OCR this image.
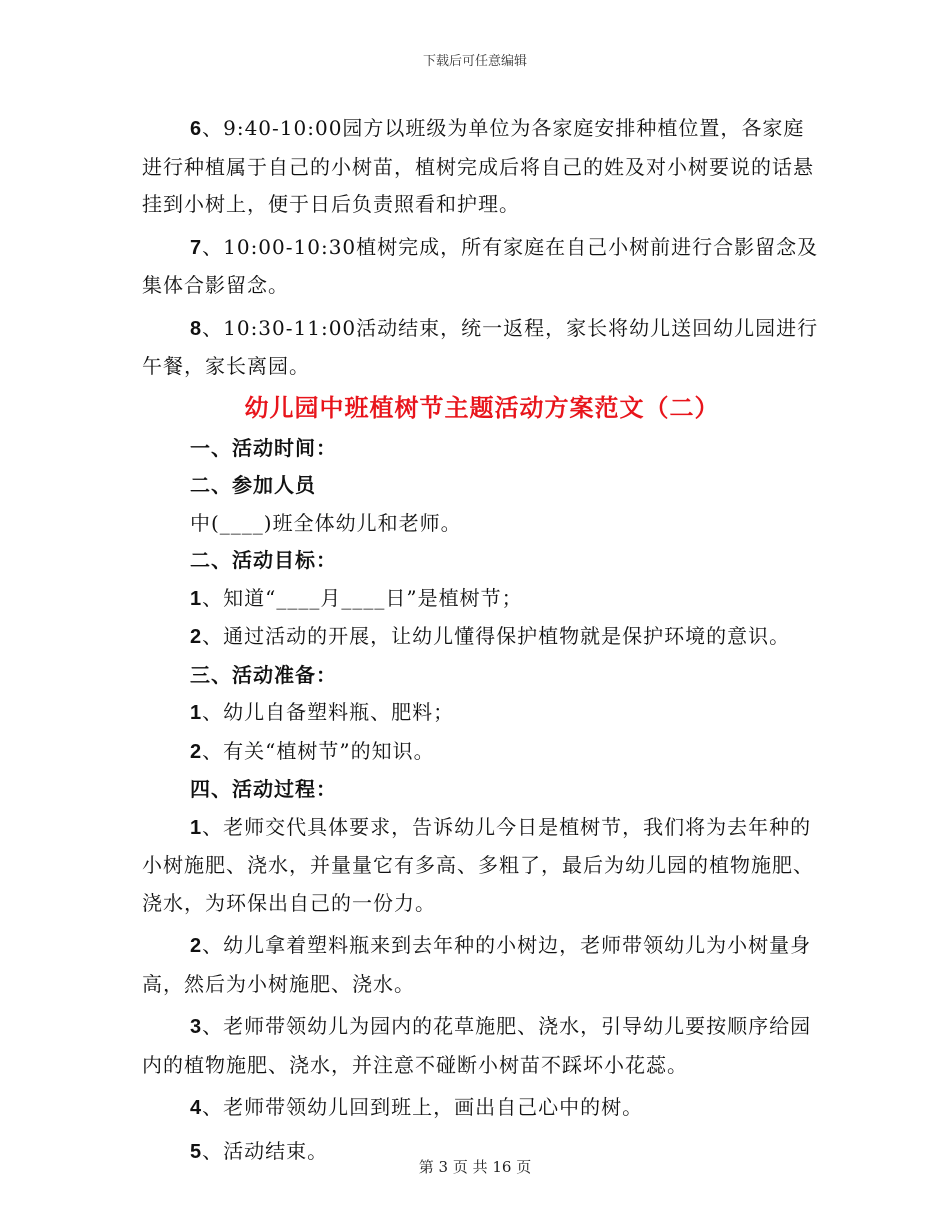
下载后可任意编辑

6、9:40-10:00园方以班级为单位为各家庭安排种植位置，各家庭进行种植属于自己的小树苗，植树完成后将自己的姓及对小树要说的话悬挂到小树上，便于日后负责照看和护理。

7、10:00-10:30植树完成，所有家庭在自己小树前进行合影留念及集体合影留念。

8、10:30-11:00活动结束，统一返程，家长将幼儿送回幼儿园进行午餐，家长离园。

幼儿园中班植树节主题活动方案范文（二）

一、活动时间：

二、参加人员

中(____)班全体幼儿和老师。

二、活动目标：

1、知道“____月____日”是植树节；

2、通过活动的开展，让幼儿懂得保护植物就是保护环境的意识。

三、活动准备：

1、幼儿自备塑料瓶、肥料；

2、有关“植树节”的知识。

四、活动过程：

1、老师交代具体要求，告诉幼儿今日是植树节，我们将为去年种的小树施肥、浇水，并量量它有多高、多粗了，最后为幼儿园的植物施肥、浇水，为环保出自己的一份力。

2、幼儿拿着塑料瓶来到去年种的小树边，老师带领幼儿为小树量身高，然后为小树施肥、浇水。

3、老师带领幼儿为园内的花草施肥、浇水，引导幼儿要按顺序给园内的植物施肥、浇水，并注意不碰断小树苗不踩坏小花蕊。

4、老师带领幼儿回到班上，画出自己心中的树。

5、活动结束。

第 3 页 共 16 页
